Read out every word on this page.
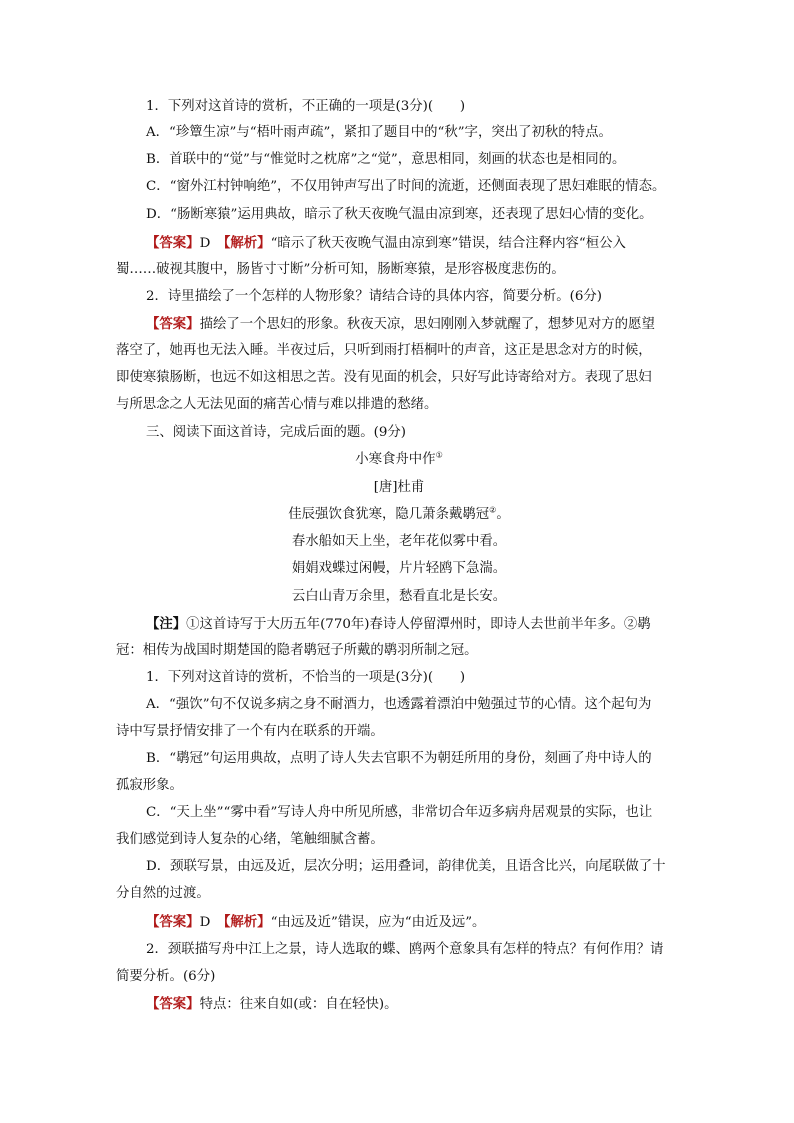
1．下列对这首诗的赏析，不正确的一项是(3分)(　　)
A．“珍簟生凉”与“梧叶雨声疏”，紧扣了题目中的“秋”字，突出了初秋的特点。
B．首联中的“觉”与“惟觉时之枕席”之“觉”，意思相同，刻画的状态也是相同的。
C．“窗外江村钟响绝”，不仅用钟声写出了时间的流逝，还侧面表现了思妇难眠的情态。
D．“肠断寒猿”运用典故，暗示了秋天夜晚气温由凉到寒，还表现了思妇心情的变化。
【答案】D　【解析】“暗示了秋天夜晚气温由凉到寒”错误，结合注释内容“桓公入
蜀……破视其腹中，肠皆寸寸断”分析可知，肠断寒猿，是形容极度悲伤的。
2．诗里描绘了一个怎样的人物形象？请结合诗的具体内容，简要分析。(6分)
【答案】描绘了一个思妇的形象。秋夜天凉，思妇刚刚入梦就醒了，想梦见对方的愿望
落空了，她再也无法入睡。半夜过后，只听到雨打梧桐叶的声音，这正是思念对方的时候，
即使寒猿肠断，也远不如这相思之苦。没有见面的机会，只好写此诗寄给对方。表现了思妇
与所思念之人无法见面的痛苦心情与难以排遣的愁绪。
三、阅读下面这首诗，完成后面的题。(9分)
小寒食舟中作①
[唐]杜甫
佳辰强饮食犹寒，隐几萧条戴鹖冠②。
春水船如天上坐，老年花似雾中看。
娟娟戏蝶过闲幔，片片轻鸥下急湍。
云白山青万余里，愁看直北是长安。
【注】①这首诗写于大历五年(770年)春诗人停留潭州时，即诗人去世前半年多。②鹖
冠：相传为战国时期楚国的隐者鹖冠子所戴的鹖羽所制之冠。
1．下列对这首诗的赏析，不恰当的一项是(3分)(　　)
A．“强饮”句不仅说多病之身不耐酒力，也透露着漂泊中勉强过节的心情。这个起句为
诗中写景抒情安排了一个有内在联系的开端。
B．“鹖冠”句运用典故，点明了诗人失去官职不为朝廷所用的身份，刻画了舟中诗人的
孤寂形象。
C．“天上坐”“雾中看”写诗人舟中所见所感，非常切合年迈多病舟居观景的实际，也让
我们感觉到诗人复杂的心绪，笔触细腻含蓄。
D．颈联写景，由远及近，层次分明；运用叠词，韵律优美，且语含比兴，向尾联做了十
分自然的过渡。
【答案】D　【解析】“由远及近”错误，应为“由近及远”。
2．颈联描写舟中江上之景，诗人选取的蝶、鸥两个意象具有怎样的特点？有何作用？请
简要分析。(6分)
【答案】特点：往来自如(或：自在轻快)。
